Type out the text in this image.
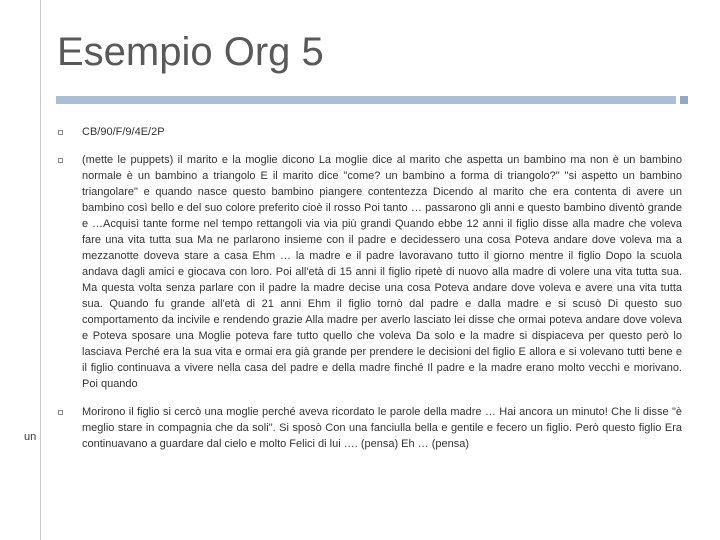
Esempio Org 5

CB/90/F/9/4E/2P

(mette le puppets) il marito e la moglie dicono La moglie dice al marito che aspetta un bambino ma non è un bambino normale è un bambino a triangolo E il marito dice "come? un bambino a forma di triangolo?" "si aspetto un bambino triangolare" e quando nasce questo bambino piangere contentezza Dicendo al marito che era contenta di avere un bambino così bello e del suo colore preferito cioè il rosso Poi tanto … passarono gli anni e questo bambino diventò grande e …Acquisì tante forme nel tempo rettangoli via via più grandi Quando ebbe 12 anni il figlio disse alla madre che voleva fare una vita tutta sua Ma ne parlarono insieme con il padre e decidessero una cosa Poteva andare dove voleva ma a mezzanotte doveva stare a casa Ehm … la madre e il padre lavoravano tutto il giorno mentre il figlio Dopo la scuola andava dagli amici e giocava con loro. Poi all'età di 15 anni il figlio ripetè di nuovo alla madre di volere una vita tutta sua. Ma questa volta senza parlare con il padre la madre decise una cosa Poteva andare dove voleva e avere una vita tutta sua. Quando fu grande all'età di 21 anni Ehm il figlio tornò dal padre e dalla madre e si scusò Di questo suo comportamento da incivile e rendendo grazie Alla madre per averlo lasciato lei disse che ormai poteva andare dove voleva e Poteva sposare una Moglie poteva fare tutto quello che voleva Da solo e la madre si dispiaceva per questo però lo lasciava Perché era la sua vita e ormai era già grande per prendere le decisioni del figlio E allora e si volevano tutti bene e il figlio continuava a vivere nella casa del padre e della madre finché Il padre e la madre erano molto vecchi e morivano. Poi quando

Morirono il figlio si cercò una moglie perché aveva ricordato le parole della madre … Hai ancora un minuto! Che li disse "è meglio stare in compagnia che da soli". Si sposò Con una fanciulla bella e gentile e fecero un figlio. Però questo figlio Era continuavano a guardare dal cielo e molto Felici di lui …. (pensa) Eh … (pensa)

un
